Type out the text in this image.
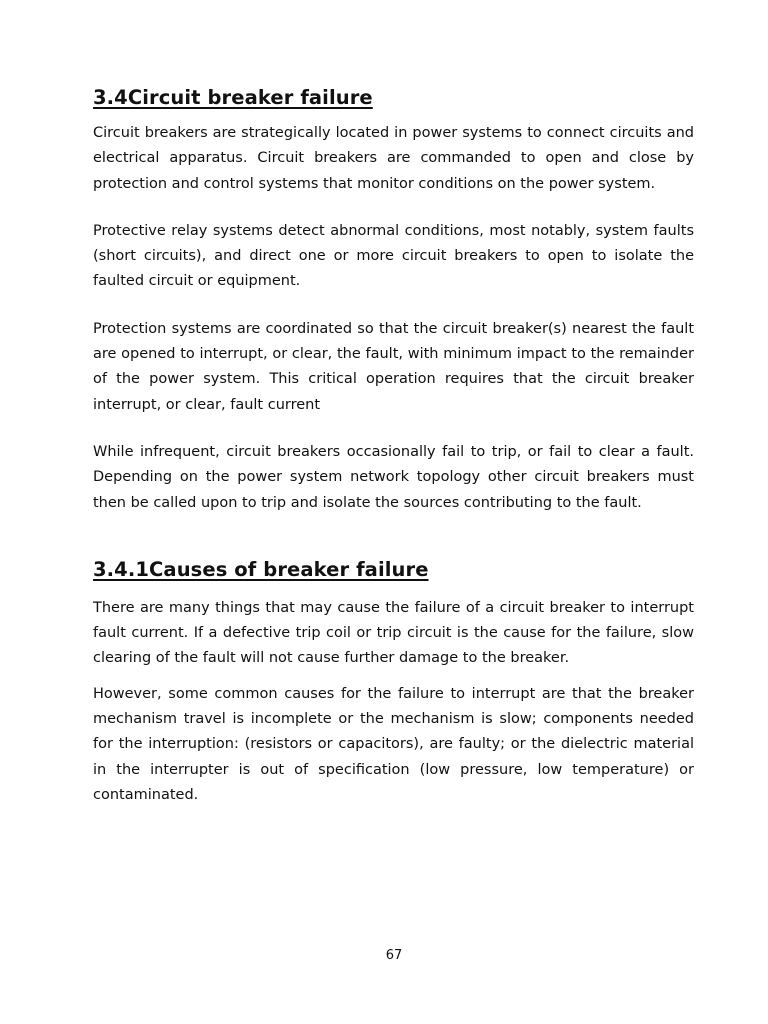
3.4Circuit breaker failure

Circuit breakers are strategically located in power systems to connect circuits and electrical apparatus. Circuit breakers are commanded to open and close by protection and control systems that monitor conditions on the power system.

Protective relay systems detect abnormal conditions, most notably, system faults (short circuits), and direct one or more circuit breakers to open to isolate the faulted circuit or equipment.

Protection systems are coordinated so that the circuit breaker(s) nearest the fault are opened to interrupt, or clear, the fault, with minimum impact to the remainder of the power system. This critical operation requires that the circuit breaker interrupt, or clear, fault current

While infrequent, circuit breakers occasionally fail to trip, or fail to clear a fault. Depending on the power system network topology other circuit breakers must then be called upon to trip and isolate the sources contributing to the fault.

3.4.1Causes of breaker failure

There are many things that may cause the failure of a circuit breaker to interrupt fault current. If a defective trip coil or trip circuit is the cause for the failure, slow clearing of the fault will not cause further damage to the breaker.

However, some common causes for the failure to interrupt are that the breaker mechanism travel is incomplete or the mechanism is slow; components needed for the interruption: (resistors or capacitors), are faulty; or the dielectric material in the interrupter is out of specification (low pressure, low temperature) or contaminated.

67
